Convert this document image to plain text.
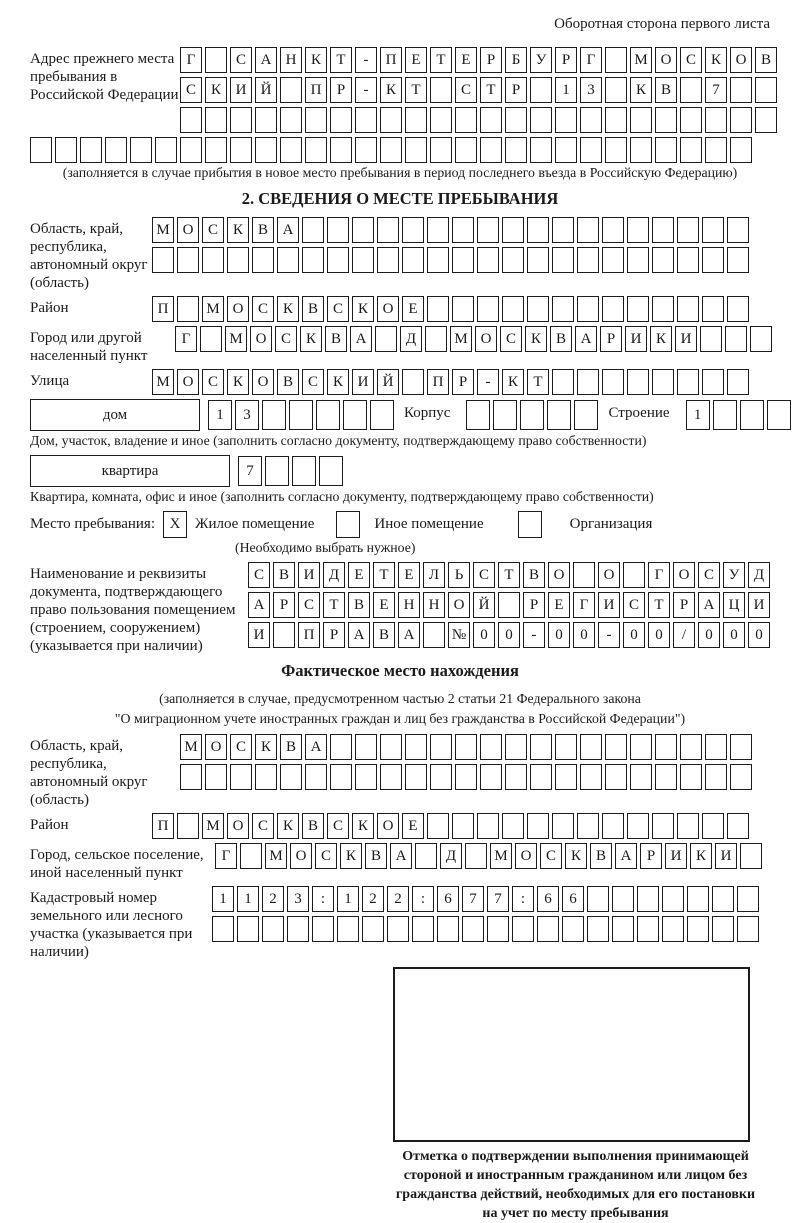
Оборотная сторона первого листа
Адрес прежнего места пребывания в Российской Федерации
Г	С А Н К	Т	-	П Е	Т	Е	Р	Б	У	Р	Г	М О С К О В
С К И Й	П	Р	-	К	Т	С	Т	Р	1	3	К В	7
(заполняется в случае прибытия в новое место пребывания в период последнего въезда в Российскую Федерацию)
2. СВЕДЕНИЯ О МЕСТЕ ПРЕБЫВАНИЯ
Область, край, республика, автономный округ (область)
М О С К В А
Район	П	М О С К В С К О Е
Город или другой населенный пункт
Г	М О С К В А	Д	М О С К В А	Р	И К И
Улица	М О С К О В С К И Й	П	Р	-	К	Т
дом	1	3	Корпус	Строение	1
Дом, участок, владение и иное (заполнить согласно документу, подтверждающему право собственности)
квартира	7
Квартира, комната, офис и иное (заполнить согласно документу, подтверждающему право собственности)
Место пребывания: X Жилое помещение	Иное помещение	Организация
(Необходимо выбрать нужное)
Наименование и реквизиты документа, подтверждающего право пользования помещением (строением, сооружением) (указывается при наличии)
С В И Д	Е	Т	Е	Л	Ь	С	Т	В О	О	Г	О С У Д
А	Р	С	Т	В	Е	Н Н О Й	Р	Е	Г	И С	Т	Р	А Ц И
И	П	Р	А В А	№ 0	0	-	0	0	-	0	0	/	0	0	0
Фактическое место нахождения
(заполняется в случае, предусмотренном частью 2 статьи 21 Федерального закона
"О миграционном учете иностранных граждан и лиц без гражданства в Российской Федерации")
Область, край, республика, автономный округ (область)
М О С К В А
Район	П	М О С К В С К О Е
Город, сельское поселение, иной населенный пункт
Г	М О С К В А	Д	М О С К В А	Р	И К И
Кадастровый номер земельного или лесного участка (указывается при наличии)
1	1	2	3	:	1	2	2	:	6	7	7	:	6	6
Отметка о подтверждении выполнения принимающей стороной и иностранным гражданином или лицом без гражданства действий, необходимых для его постановки на учет по месту пребывания
